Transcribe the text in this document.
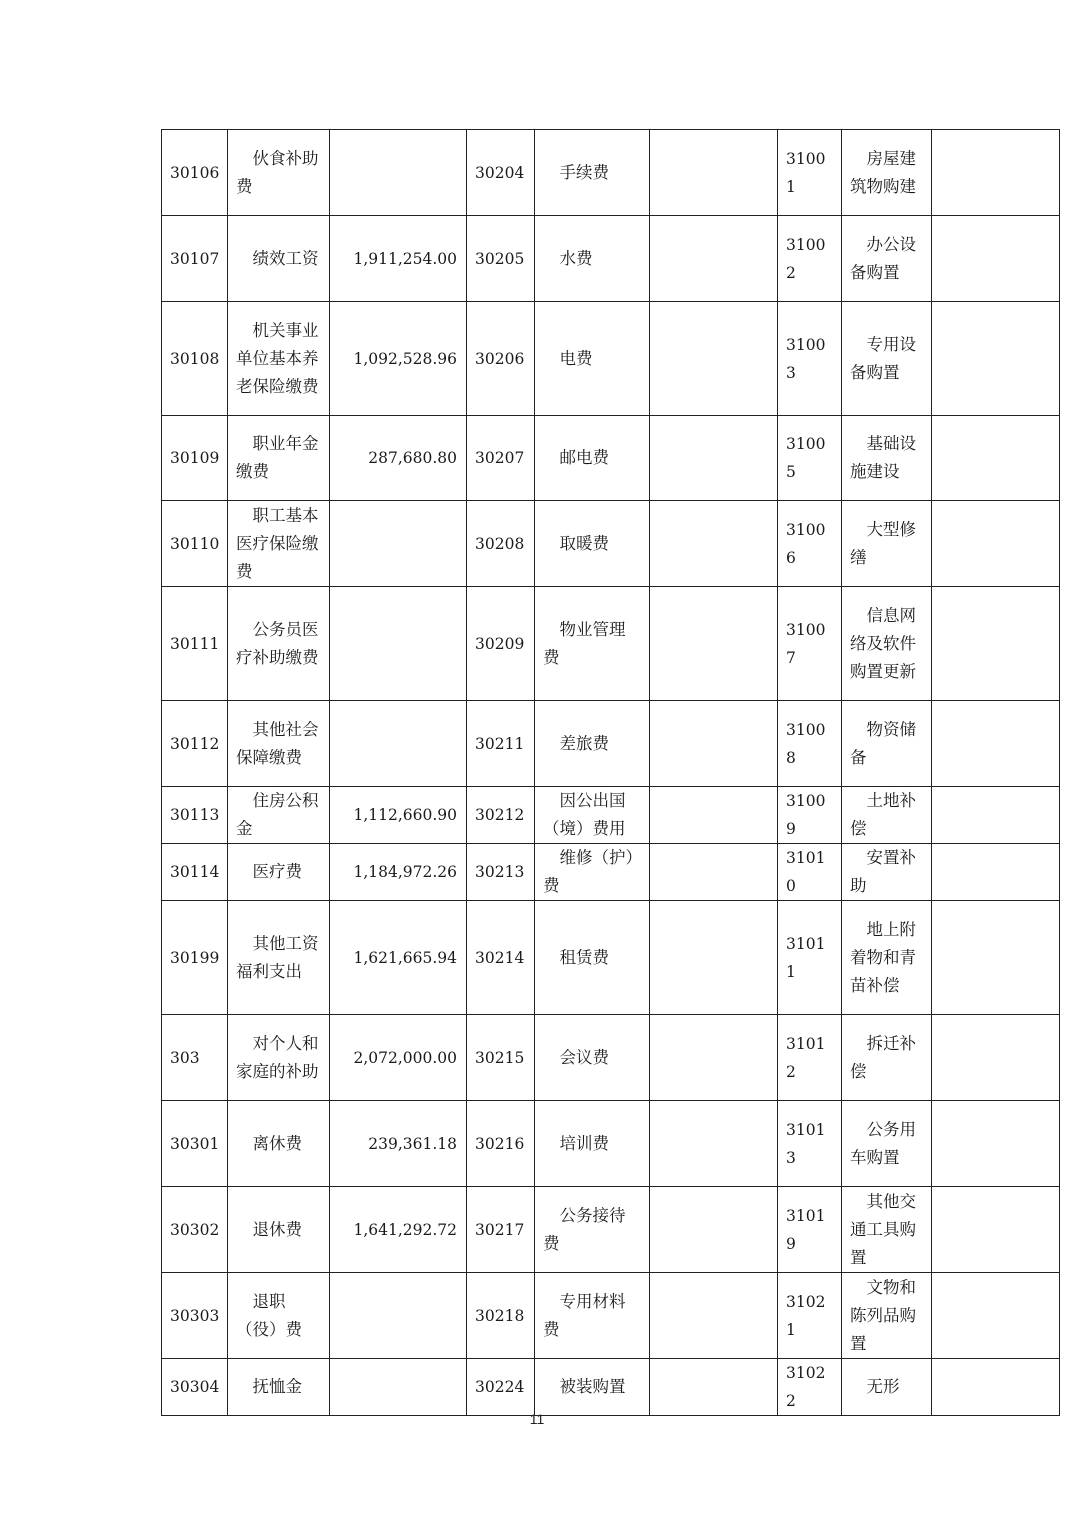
30106	伙食补助费		30204	手续费		31001	房屋建筑物购建	
30107	绩效工资	1,911,254.00	30205	水费		31002	办公设备购置	
30108	机关事业单位基本养老保险缴费	1,092,528.96	30206	电费		31003	专用设备购置	
30109	职业年金缴费	287,680.80	30207	邮电费		31005	基础设施建设	
30110	职工基本医疗保险缴费		30208	取暖费		31006	大型修缮	
30111	公务员医疗补助缴费		30209	物业管理费		31007	信息网络及软件购置更新	
30112	其他社会保障缴费		30211	差旅费		31008	物资储备	
30113	住房公积金	1,112,660.90	30212	因公出国（境）费用		31009	土地补偿	
30114	医疗费	1,184,972.26	30213	维修（护）费		31010	安置补助	
30199	其他工资福利支出	1,621,665.94	30214	租赁费		31011	地上附着物和青苗补偿	
303	对个人和家庭的补助	2,072,000.00	30215	会议费		31012	拆迁补偿	
30301	离休费	239,361.18	30216	培训费		31013	公务用车购置	
30302	退休费	1,641,292.72	30217	公务接待费		31019	其他交通工具购置	
30303	退职（役）费		30218	专用材料费		31021	文物和陈列品购置	
30304	抚恤金		30224	被装购置		31022	无形	
11
